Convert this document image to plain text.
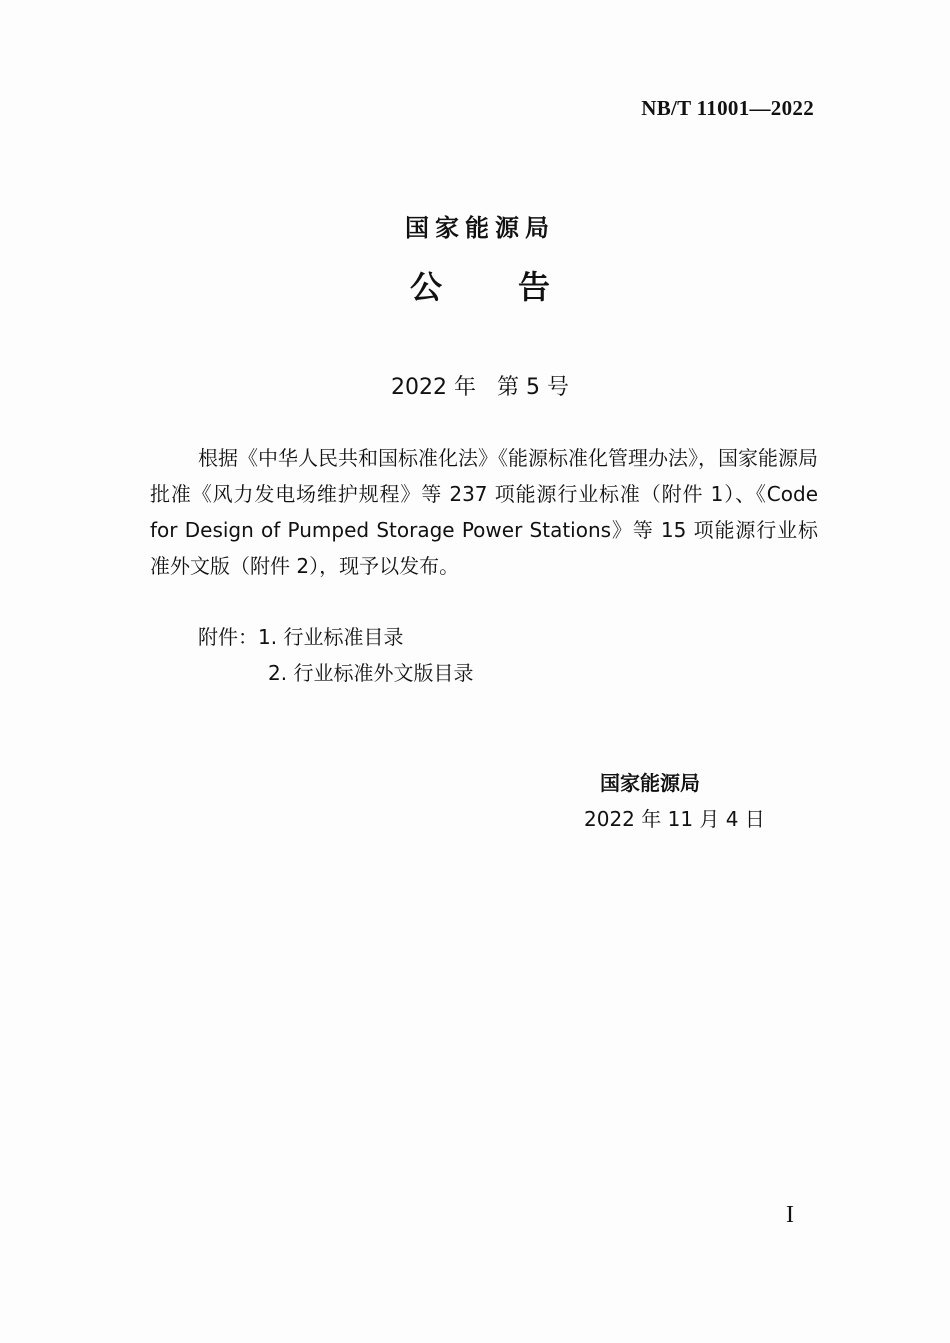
NB/T 11001—2022
国家能源局
公 告
2022 年   第 5 号
根据《中华人民共和国标准化法》《能源标准化管理办法》，国家能源局批准《风力发电场维护规程》等 237 项能源行业标准（附件 1）、《Code for Design of Pumped Storage Power Stations》等 15 项能源行业标准外文版（附件 2），现予以发布。
附件：1. 行业标准目录
2. 行业标准外文版目录
国家能源局
2022 年 11 月 4 日
I
